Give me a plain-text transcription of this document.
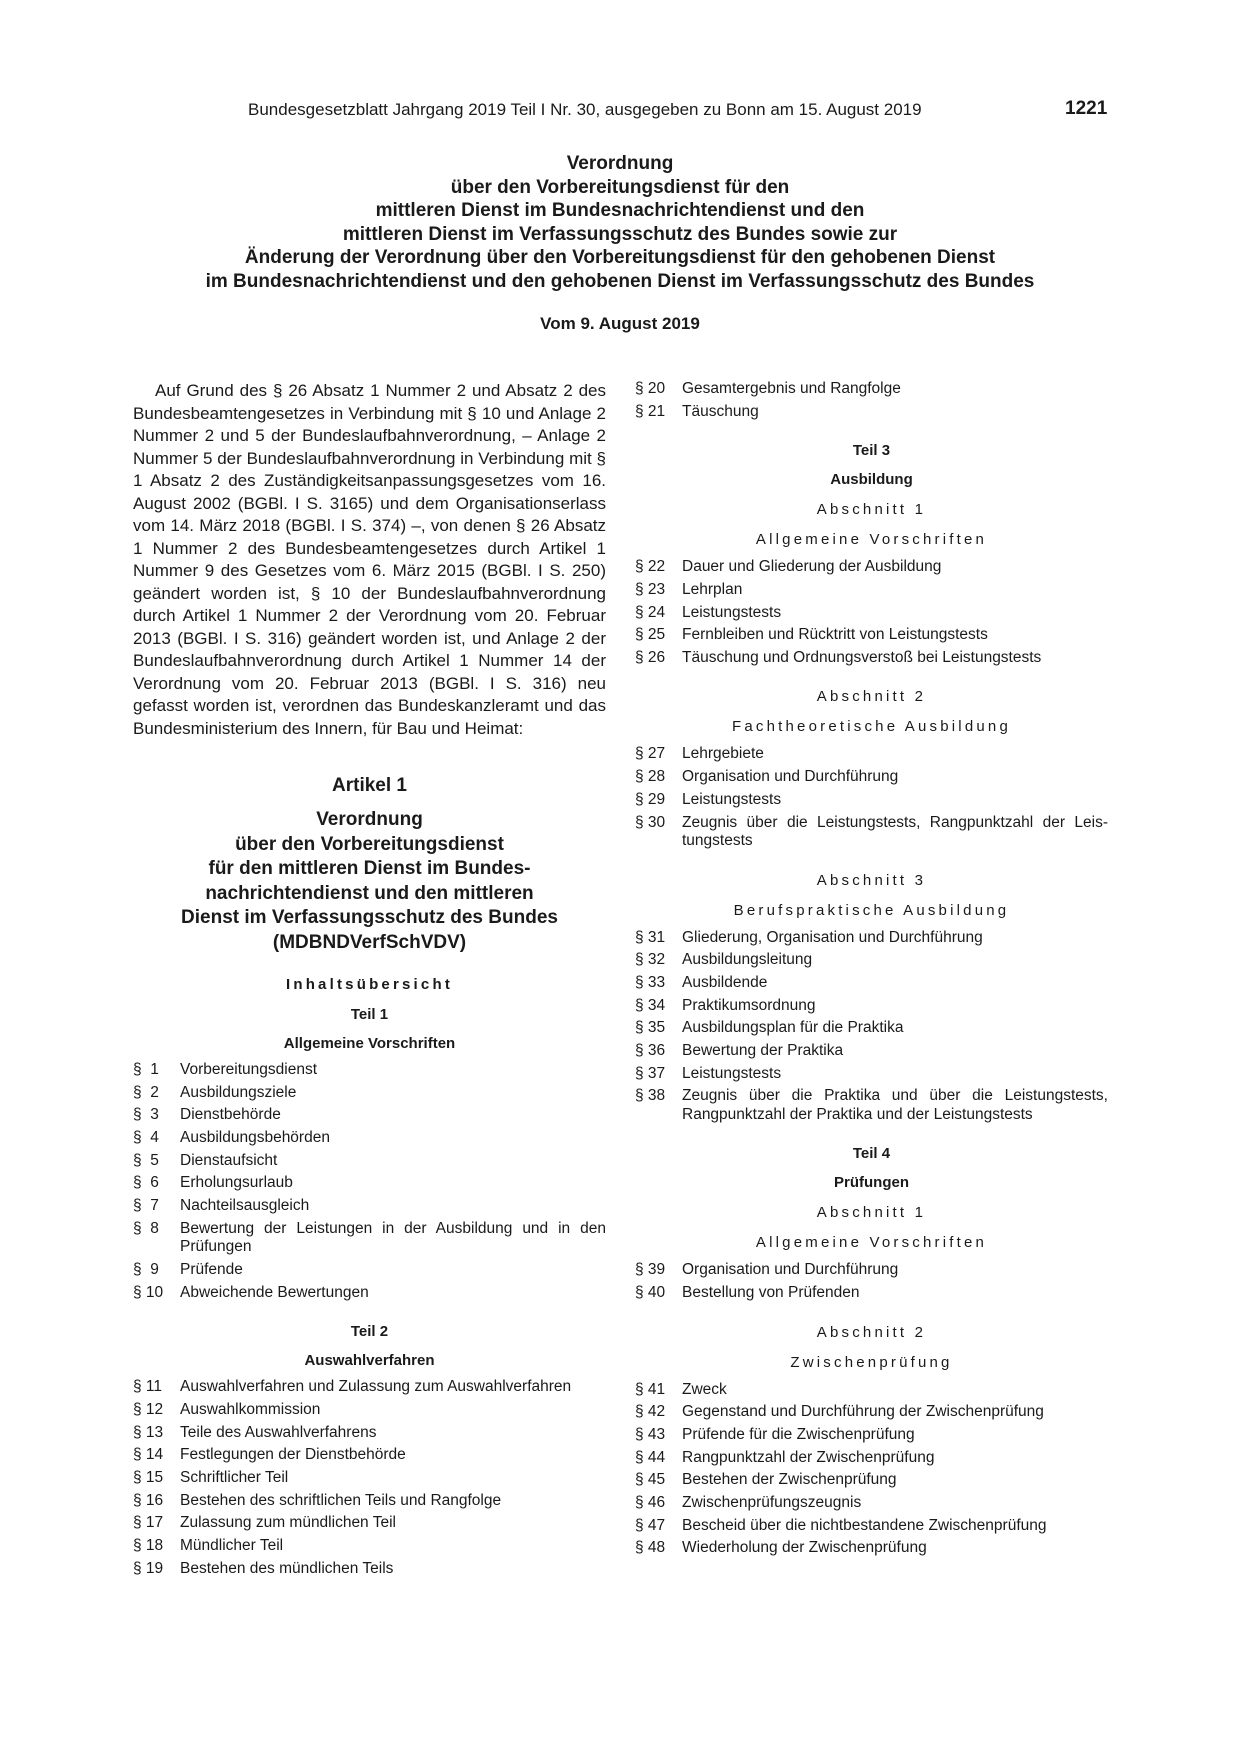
Bundesgesetzblatt Jahrgang 2019 Teil I Nr. 30, ausgegeben zu Bonn am 15. August 2019	1221
Verordnung
über den Vorbereitungsdienst für den
mittleren Dienst im Bundesnachrichtendienst und den
mittleren Dienst im Verfassungsschutz des Bundes sowie zur
Änderung der Verordnung über den Vorbereitungsdienst für den gehobenen Dienst
im Bundesnachrichtendienst und den gehobenen Dienst im Verfassungsschutz des Bundes
Vom 9. August 2019

Auf Grund des § 26 Absatz 1 Nummer 2 und Absatz 2 des Bundesbeamtengesetzes in Verbindung mit § 10 und Anlage 2 Nummer 2 und 5 der Bundeslaufbahnverordnung, – Anlage 2 Nummer 5 der Bundeslaufbahnverordnung in Verbindung mit § 1 Absatz 2 des Zuständigkeitsanpassungsgesetzes vom 16. August 2002 (BGBl. I S. 3165) und dem Organisationserlass vom 14. März 2018 (BGBl. I S. 374) –, von denen § 26 Absatz 1 Nummer 2 des Bundesbeamtengesetzes durch Artikel 1 Nummer 9 des Gesetzes vom 6. März 2015 (BGBl. I S. 250) geändert worden ist, § 10 der Bundeslaufbahnverordnung durch Artikel 1 Nummer 2 der Verordnung vom 20. Februar 2013 (BGBl. I S. 316) geändert worden ist, und Anlage 2 der Bundeslaufbahnverordnung durch Artikel 1 Nummer 14 der Verordnung vom 20. Februar 2013 (BGBl. I S. 316) neu gefasst worden ist, verordnen das Bundeskanzleramt und das Bundesministerium des Innern, für Bau und Heimat:

Artikel 1
Verordnung
über den Vorbereitungsdienst
für den mittleren Dienst im Bundes-
nachrichtendienst und den mittleren
Dienst im Verfassungsschutz des Bundes
(MDBNDVerfSchVDV)
Inhaltsübersicht
Teil 1
Allgemeine Vorschriften
§  1	Vorbereitungsdienst
§  2	Ausbildungsziele
§  3	Dienstbehörde
§  4	Ausbildungsbehörden
§  5	Dienstaufsicht
§  6	Erholungsurlaub
§  7	Nachteilsausgleich
§  8	Bewertung der Leistungen in der Ausbildung und in den Prüfungen
§  9	Prüfende
§ 10	Abweichende Bewertungen
Teil 2
Auswahlverfahren
§ 11	Auswahlverfahren und Zulassung zum Auswahlverfahren
§ 12	Auswahlkommission
§ 13	Teile des Auswahlverfahrens
§ 14	Festlegungen der Dienstbehörde
§ 15	Schriftlicher Teil
§ 16	Bestehen des schriftlichen Teils und Rangfolge
§ 17	Zulassung zum mündlichen Teil
§ 18	Mündlicher Teil
§ 19	Bestehen des mündlichen Teils
§ 20	Gesamtergebnis und Rangfolge
§ 21	Täuschung
Teil 3
Ausbildung
Abschnitt 1
Allgemeine Vorschriften
§ 22	Dauer und Gliederung der Ausbildung
§ 23	Lehrplan
§ 24	Leistungstests
§ 25	Fernbleiben und Rücktritt von Leistungstests
§ 26	Täuschung und Ordnungsverstoß bei Leistungstests
Abschnitt 2
Fachtheoretische Ausbildung
§ 27	Lehrgebiete
§ 28	Organisation und Durchführung
§ 29	Leistungstests
§ 30	Zeugnis über die Leistungstests, Rangpunktzahl der Leistungstests
Abschnitt 3
Berufspraktische Ausbildung
§ 31	Gliederung, Organisation und Durchführung
§ 32	Ausbildungsleitung
§ 33	Ausbildende
§ 34	Praktikumsordnung
§ 35	Ausbildungsplan für die Praktika
§ 36	Bewertung der Praktika
§ 37	Leistungstests
§ 38	Zeugnis über die Praktika und über die Leistungstests, Rangpunktzahl der Praktika und der Leistungstests
Teil 4
Prüfungen
Abschnitt 1
Allgemeine Vorschriften
§ 39	Organisation und Durchführung
§ 40	Bestellung von Prüfenden
Abschnitt 2
Zwischenprüfung
§ 41	Zweck
§ 42	Gegenstand und Durchführung der Zwischenprüfung
§ 43	Prüfende für die Zwischenprüfung
§ 44	Rangpunktzahl der Zwischenprüfung
§ 45	Bestehen der Zwischenprüfung
§ 46	Zwischenprüfungszeugnis
§ 47	Bescheid über die nichtbestandene Zwischenprüfung
§ 48	Wiederholung der Zwischenprüfung
